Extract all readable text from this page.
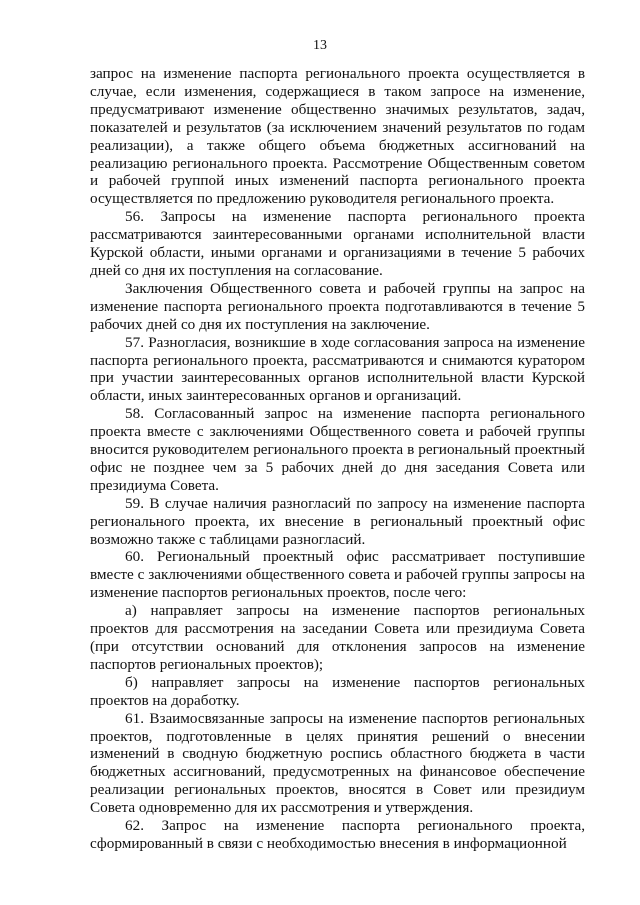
13

запрос на изменение паспорта регионального проекта осуществляется в случае, если изменения, содержащиеся в таком запросе на изменение, предусматривают изменение общественно значимых результатов, задач, показателей и результатов (за исключением значений результатов по годам реализации), а также общего объема бюджетных ассигнований на реализацию регионального проекта. Рассмотрение Общественным советом и рабочей группой иных изменений паспорта регионального проекта осуществляется по предложению руководителя регионального проекта.

56. Запросы на изменение паспорта регионального проекта рассматриваются заинтересованными органами исполнительной власти Курской области, иными органами и организациями в течение 5 рабочих дней со дня их поступления на согласование.

Заключения Общественного совета и рабочей группы на запрос на изменение паспорта регионального проекта подготавливаются в течение 5 рабочих дней со дня их поступления на заключение.

57. Разногласия, возникшие в ходе согласования запроса на изменение паспорта регионального проекта, рассматриваются и снимаются куратором при участии заинтересованных органов исполнительной власти Курской области, иных заинтересованных органов и организаций.

58. Согласованный запрос на изменение паспорта регионального проекта вместе с заключениями Общественного совета и рабочей группы вносится руководителем регионального проекта в региональный проектный офис не позднее чем за 5 рабочих дней до дня заседания Совета или президиума Совета.

59. В случае наличия разногласий по запросу на изменение паспорта регионального проекта, их внесение в региональный проектный офис возможно также с таблицами разногласий.

60. Региональный проектный офис рассматривает поступившие вместе с заключениями общественного совета и рабочей группы запросы на изменение паспортов региональных проектов, после чего:

а) направляет запросы на изменение паспортов региональных проектов для рассмотрения на заседании Совета или президиума Совета (при отсутствии оснований для отклонения запросов на изменение паспортов региональных проектов);

б) направляет запросы на изменение паспортов региональных проектов на доработку.

61. Взаимосвязанные запросы на изменение паспортов региональных проектов, подготовленные в целях принятия решений о внесении изменений в сводную бюджетную роспись областного бюджета в части бюджетных ассигнований, предусмотренных на финансовое обеспечение реализации региональных проектов, вносятся в Совет или президиум Совета одновременно для их рассмотрения и утверждения.

62. Запрос на изменение паспорта регионального проекта, сформированный в связи с необходимостью внесения в информационной
